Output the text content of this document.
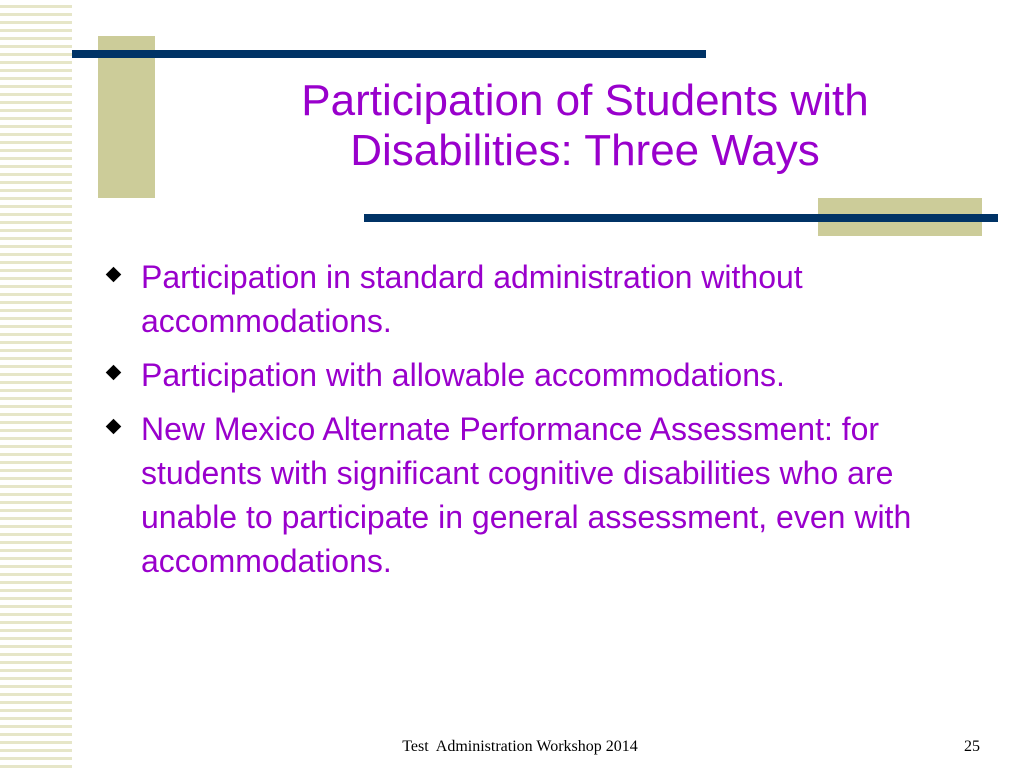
Participation of Students with
Disabilities: Three Ways
Participation in standard administration without accommodations.
Participation with allowable accommodations.
New Mexico Alternate Performance Assessment: for students with significant cognitive disabilities who are unable to participate in general assessment, even with accommodations.
Test  Administration Workshop 2014	25
